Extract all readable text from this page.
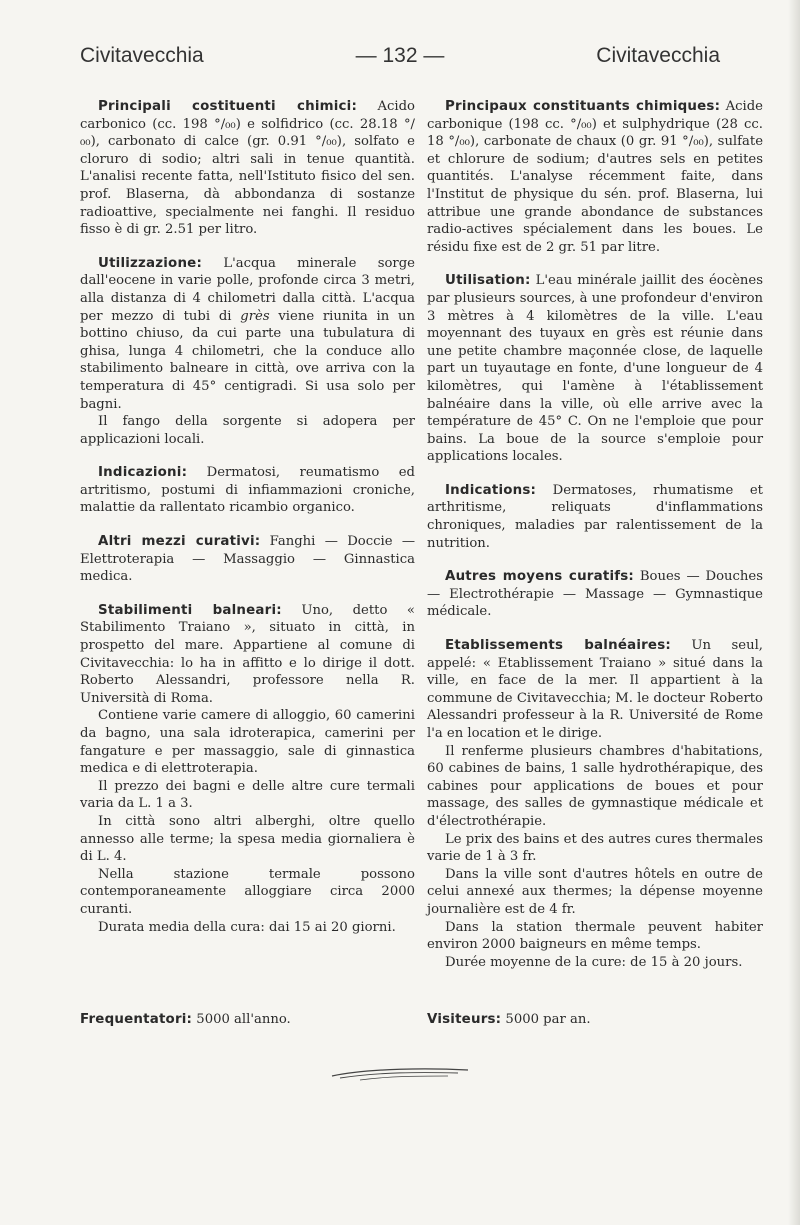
Civitavecchia	— 132 —	Civitavecchia

Principali costituenti chimici: Acido carbonico (cc. 198 °/₀₀) e solfidrico (cc. 28.18 °/₀₀), carbonato di calce (gr. 0.91 °/₀₀), solfato e cloruro di sodio; altri sali in tenue quantità. L'analisi recente fatta, nell'Istituto fisico del sen. prof. Blaserna, dà abbondanza di sostanze radioattive, specialmente nei fanghi. Il residuo fisso è di gr. 2.51 per litro.

Utilizzazione: L'acqua minerale sorge dall'eocene in varie polle, profonde circa 3 metri, alla distanza di 4 chilometri dalla città. L'acqua per mezzo di tubi di grès viene riunita in un bottino chiuso, da cui parte una tubulatura di ghisa, lunga 4 chilometri, che la conduce allo stabilimento balneare in città, ove arriva con la temperatura di 45° centigradi. Si usa solo per bagni.

Il fango della sorgente si adopera per applicazioni locali.

Indicazioni: Dermatosi, reumatismo ed artritismo, postumi di infiammazioni croniche, malattie da rallentato ricambio organico.

Altri mezzi curativi: Fanghi — Doccie — Elettroterapia — Massaggio — Ginnastica medica.

Stabilimenti balneari: Uno, detto « Stabilimento Traiano », situato in città, in prospetto del mare. Appartiene al comune di Civitavecchia: lo ha in affitto e lo dirige il dott. Roberto Alessandri, professore nella R. Università di Roma.

Contiene varie camere di alloggio, 60 camerini da bagno, una sala idroterapica, camerini per fangature e per massaggio, sale di ginnastica medica e di elettroterapia.

Il prezzo dei bagni e delle altre cure termali varia da L. 1 a 3.

In città sono altri alberghi, oltre quello annesso alle terme; la spesa media giornaliera è di L. 4.

Nella stazione termale possono contemporaneamente alloggiare circa 2000 curanti.

Durata media della cura: dai 15 ai 20 giorni.

Principaux constituants chimiques: Acide carbonique (198 cc. °/₀₀) et sulphydrique (28 cc. 18 °/₀₀), carbonate de chaux (0 gr. 91 °/₀₀), sulfate et chlorure de sodium; d'autres sels en petites quantités. L'analyse récemment faite, dans l'Institut de physique du sén. prof. Blaserna, lui attribue une grande abondance de substances radio-actives spécialement dans les boues. Le résidu fixe est de 2 gr. 51 par litre.

Utilisation: L'eau minérale jaillit des éocènes par plusieurs sources, à une profondeur d'environ 3 mètres à 4 kilomètres de la ville. L'eau moyennant des tuyaux en grès est réunie dans une petite chambre maçonnée close, de laquelle part un tuyautage en fonte, d'une longueur de 4 kilomètres, qui l'amène à l'établissement balnéaire dans la ville, où elle arrive avec la température de 45° C. On ne l'emploie que pour bains. La boue de la source s'emploie pour applications locales.

Indications: Dermatoses, rhumatisme et arthritisme, reliquats d'inflammations chroniques, maladies par ralentissement de la nutrition.

Autres moyens curatifs: Boues — Douches — Electrothérapie — Massage — Gymnastique médicale.

Etablissements balnéaires: Un seul, appelé: « Etablissement Traiano » situé dans la ville, en face de la mer. Il appartient à la commune de Civitavecchia; M. le docteur Roberto Alessandri professeur à la R. Université de Rome l'a en location et le dirige.

Il renferme plusieurs chambres d'habitations, 60 cabines de bains, 1 salle hydrothérapique, des cabines pour applications de boues et pour massage, des salles de gymnastique médicale et d'électrothérapie.

Le prix des bains et des autres cures thermales varie de 1 à 3 fr.

Dans la ville sont d'autres hôtels en outre de celui annexé aux thermes; la dépense moyenne journalière est de 4 fr.

Dans la station thermale peuvent habiter environ 2000 baigneurs en même temps.

Durée moyenne de la cure: de 15 à 20 jours.

Frequentatori: 5000 all'anno.	Visiteurs: 5000 par an.
